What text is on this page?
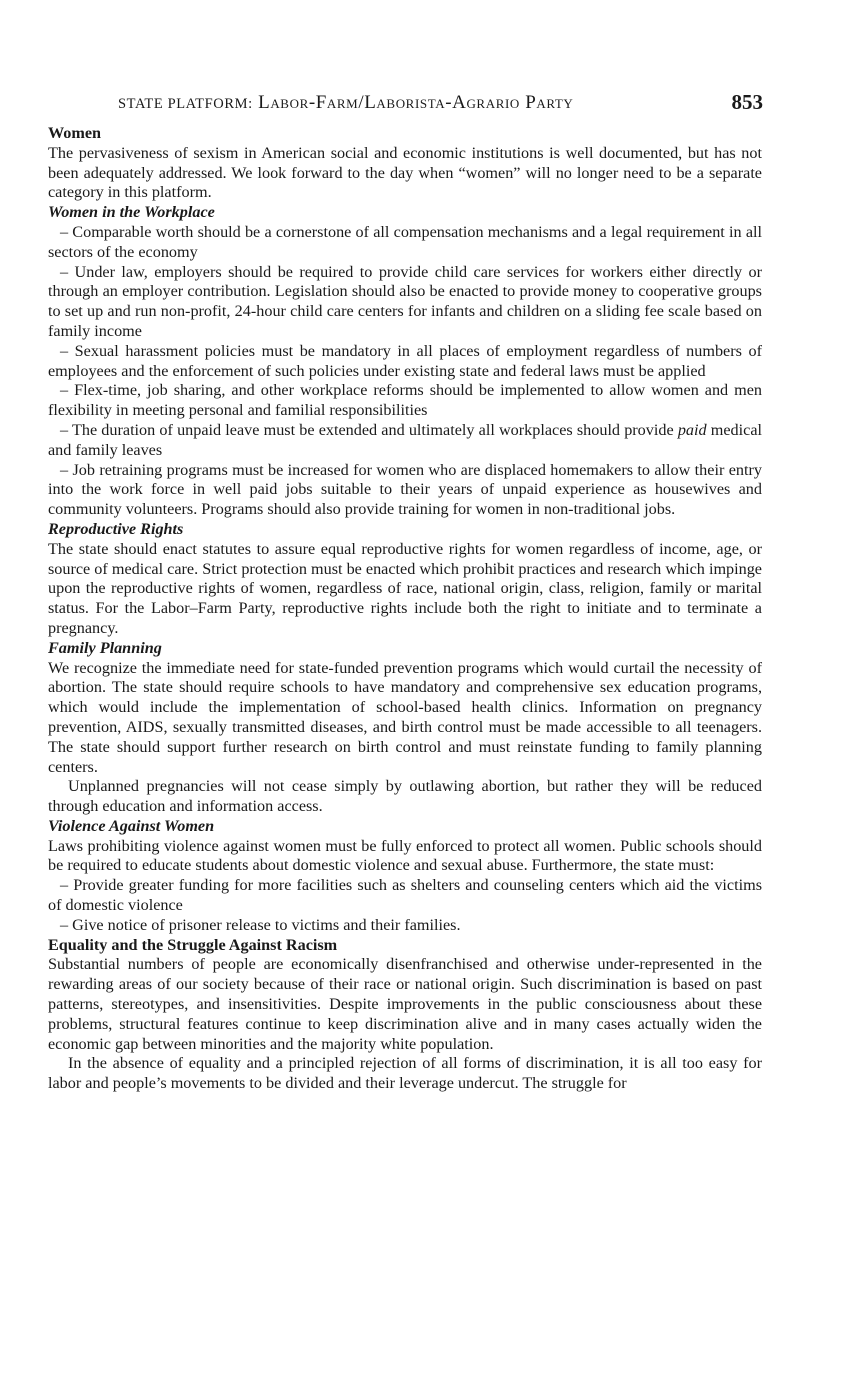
STATE PLATFORM: Labor-Farm/Laborista-Agrario Party	853

Women

The pervasiveness of sexism in American social and economic institutions is well documented, but has not been adequately addressed. We look forward to the day when “women” will no longer need to be a separate category in this platform.

Women in the Workplace

– Comparable worth should be a cornerstone of all compensation mechanisms and a legal requirement in all sectors of the economy

– Under law, employers should be required to provide child care services for workers either directly or through an employer contribution. Legislation should also be enacted to provide money to cooperative groups to set up and run non-profit, 24-hour child care centers for infants and children on a sliding fee scale based on family income

– Sexual harassment policies must be mandatory in all places of employment regardless of numbers of employees and the enforcement of such policies under existing state and federal laws must be applied

– Flex-time, job sharing, and other workplace reforms should be implemented to allow women and men flexibility in meeting personal and familial responsibilities

– The duration of unpaid leave must be extended and ultimately all workplaces should provide paid medical and family leaves

– Job retraining programs must be increased for women who are displaced homemakers to allow their entry into the work force in well paid jobs suitable to their years of unpaid experience as housewives and community volunteers. Programs should also provide training for women in non-traditional jobs.

Reproductive Rights

The state should enact statutes to assure equal reproductive rights for women regardless of income, age, or source of medical care. Strict protection must be enacted which prohibit practices and research which impinge upon the reproductive rights of women, regardless of race, national origin, class, religion, family or marital status. For the Labor–Farm Party, reproductive rights include both the right to initiate and to terminate a pregnancy.

Family Planning

We recognize the immediate need for state-funded prevention programs which would curtail the necessity of abortion. The state should require schools to have mandatory and comprehensive sex education programs, which would include the implementation of school-based health clinics. Information on pregnancy prevention, AIDS, sexually transmitted diseases, and birth control must be made accessible to all teenagers. The state should support further research on birth control and must reinstate funding to family planning centers.

Unplanned pregnancies will not cease simply by outlawing abortion, but rather they will be reduced through education and information access.

Violence Against Women

Laws prohibiting violence against women must be fully enforced to protect all women. Public schools should be required to educate students about domestic violence and sexual abuse. Furthermore, the state must:

– Provide greater funding for more facilities such as shelters and counseling centers which aid the victims of domestic violence

– Give notice of prisoner release to victims and their families.

Equality and the Struggle Against Racism

Substantial numbers of people are economically disenfranchised and otherwise under-represented in the rewarding areas of our society because of their race or national origin. Such discrimination is based on past patterns, stereotypes, and insensitivities. Despite improvements in the public consciousness about these problems, structural features continue to keep discrimination alive and in many cases actually widen the economic gap between minorities and the majority white population.

In the absence of equality and a principled rejection of all forms of discrimination, it is all too easy for labor and people’s movements to be divided and their leverage undercut. The struggle for
